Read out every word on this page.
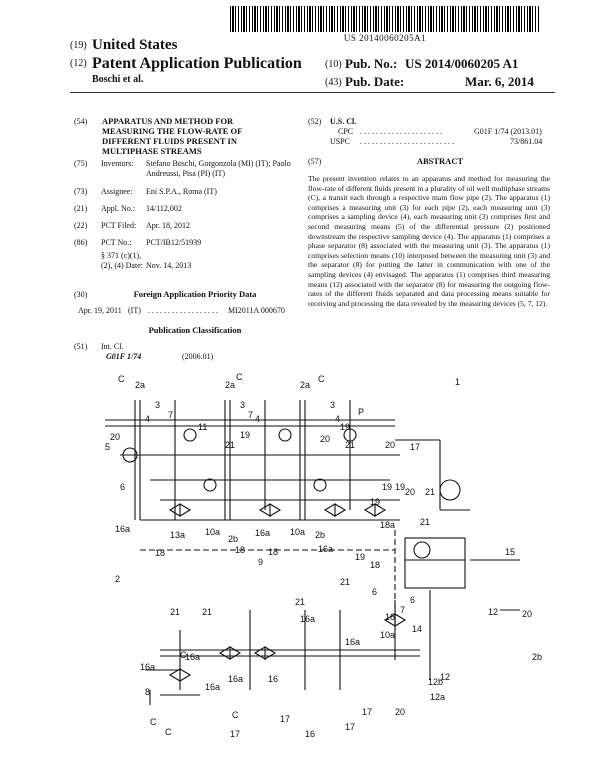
US 20140060205A1
(19) United States
(12) Patent Application Publication
Boschi et al.
(10) Pub. No.: US 2014/0060205 A1
(43) Pub. Date:	Mar. 6, 2014
(54) APPARATUS AND METHOD FOR MEASURING THE FLOW-RATE OF DIFFERENT FLUIDS PRESENT IN MULTIPHASE STREAMS
(75) Inventors: Stefano Boschi, Gorgonzola (MI) (IT); Paolo Andreussi, Pisa (PI) (IT)
(73) Assignee: Eni S.P.A., Roma (IT)
(21) Appl. No.: 14/112,002
(22) PCT Filed: Apr. 18, 2012
(86) PCT No.: PCT/IB12/51939
§ 371 (c)(1), (2), (4) Date: Nov. 14, 2013
(30)	Foreign Application Priority Data
Apr. 19, 2011 (IT) . . . . . . . . . . . . . . . . . . MI2011A 000670
Publication Classification
(51) Int. Cl.
G01F 1/74	(2006.01)
(52) U.S. Cl.
CPC . . . . . . . . . . . . . . . . . . . . .	G01F 1/74 (2013.01)
USPC . . . . . . . . . . . . . . . . . . . . . . . .	73/861.04
(57)	ABSTRACT
The present invention relates to an apparatus and method for measuring the flow-rate of different fluids present in a plurality of oil well multiphase streams (C), a transit each through a respective main flow pipe (2). The apparatus (1) comprises a measuring unit (3) for each pipe (2), each measuring unit (3) comprises a sampling device (4), each measuring unit (3) comprises first and second measuring means (5) of the differential pressure (2) positioned downstream the respective sampling device (4). The apparatus (1) comprises a phase separator (8) associated with the measuring unit (3). The apparatus (1) comprises selection means (10) interposed between the measuring unit (3) and the separator (8) for putting the latter in communication with one of the sampling devices (4) envisaged. The apparatus (1) comprises third measuring means (12) associated with the separator (8) for measuring the outgoing flow-rates of the different fluids separated and data processing means suitable for receiving and processing the data revealed by the measuring devices (5, 7, 12).
2a
C
2a
C
2a
C	1
3
7
4
11
3
7 4
3
4
20	19
21
20
19
21	20
19
P
5
6
16a
13a 10a
2b
16a 10a 2b
16a
19
18a
19 20 21
17
18	18
9
18
2
19
18
12
15
21
14
21
21
21
16a
21
16a	16
16a
12a
16a
16
16a
16a
8
C
C
C
C	17	16
17
17
17	20
20
2b
6
7
6
10a
12b
12
